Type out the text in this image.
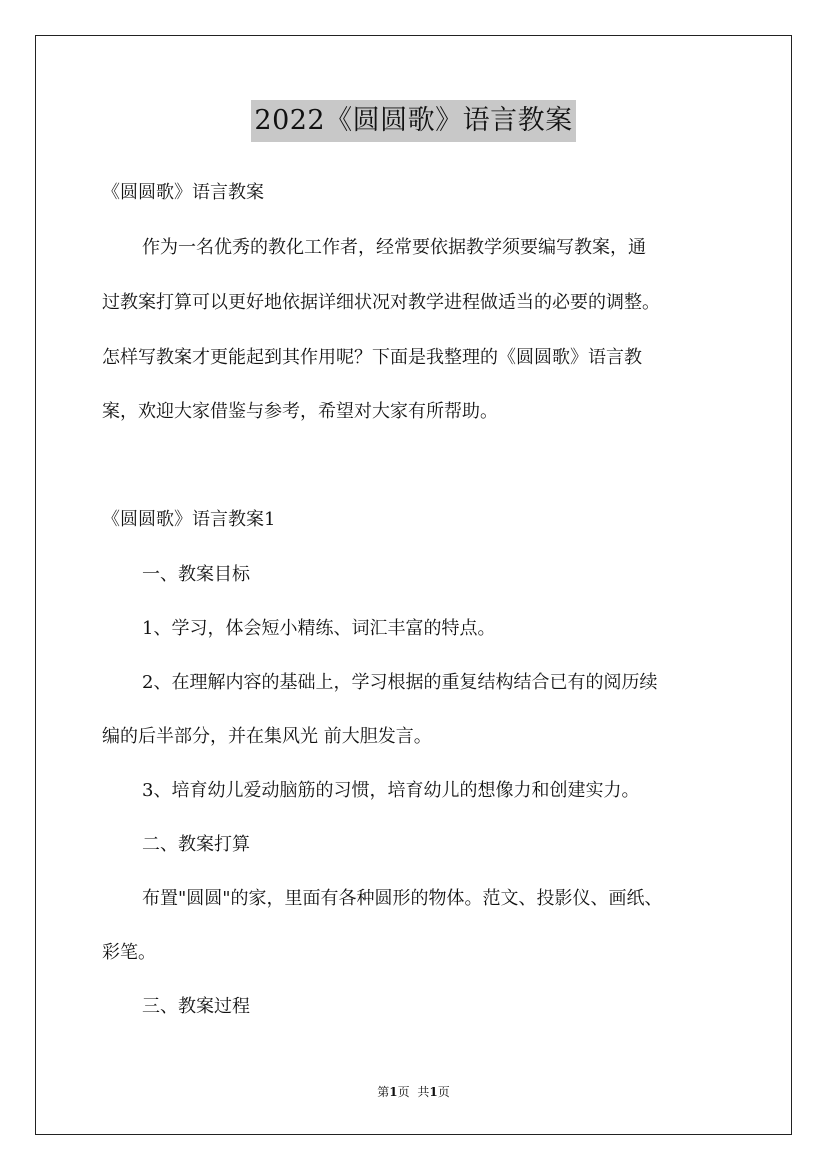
2022《圆圆歌》语言教案
《圆圆歌》语言教案
作为一名优秀的教化工作者，经常要依据教学须要编写教案，通
过教案打算可以更好地依据详细状况对教学进程做适当的必要的调整。
怎样写教案才更能起到其作用呢？下面是我整理的《圆圆歌》语言教
案，欢迎大家借鉴与参考，希望对大家有所帮助。
《圆圆歌》语言教案1
一、教案目标
1、学习，体会短小精练、词汇丰富的特点。
2、在理解内容的基础上，学习根据的重复结构结合已有的阅历续
编的后半部分，并在集风光 前大胆发言。
3、培育幼儿爱动脑筋的习惯，培育幼儿的想像力和创建实力。
二、教案打算
布置"圆圆"的家，里面有各种圆形的物体。范文、投影仪、画纸、
彩笔。
三、教案过程
第1页 共1页
